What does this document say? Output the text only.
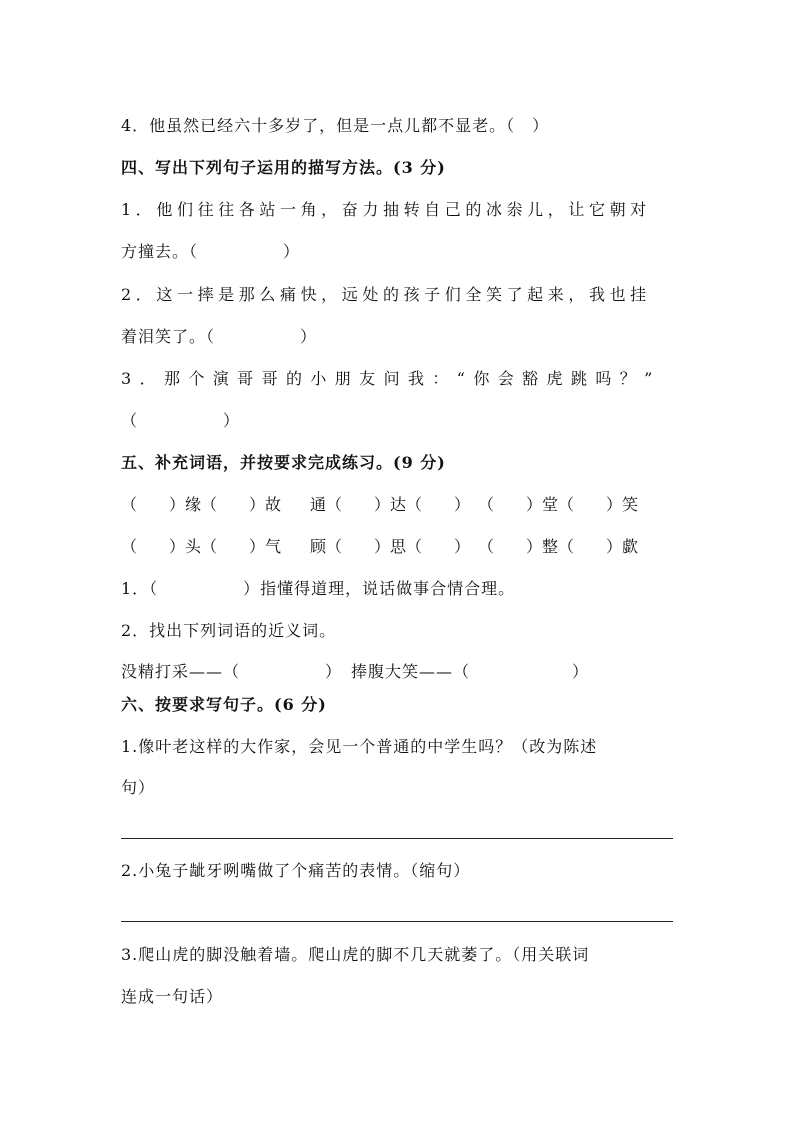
4．他虽然已经六十多岁了，但是一点儿都不显老。（　）
四、写出下列句子运用的描写方法。(3 分)
1．他们往往各站一角，奋力抽转自己的冰尜儿，让它朝对
方撞去。（　　　　　）
2．这一摔是那么痛快，远处的孩子们全笑了起来，我也挂
着泪笑了。（　　　　　）
3．那个演哥哥的小朋友问我：“你会豁虎跳吗？”
（　　　　　）
五、补充词语，并按要求完成练习。(9 分)
（　　）缘（　　）故 通（　　）达（　　） （　　）堂（　　）笑
（　　）头（　　）气 顾（　　）思（　　） （　　）整（　　）歔
1．（　　　　　）指懂得道理，说话做事合情合理。
2．找出下列词语的近义词。
没精打采——（　　　　　）　捧腹大笑——（　　　　　　）
六、按要求写句子。(6 分)
1.像叶老这样的大作家，会见一个普通的中学生吗？（改为陈述
句）
2.小兔子龇牙咧嘴做了个痛苦的表情。（缩句）
3.爬山虎的脚没触着墙。爬山虎的脚不几天就萎了。（用关联词
连成一句话）
